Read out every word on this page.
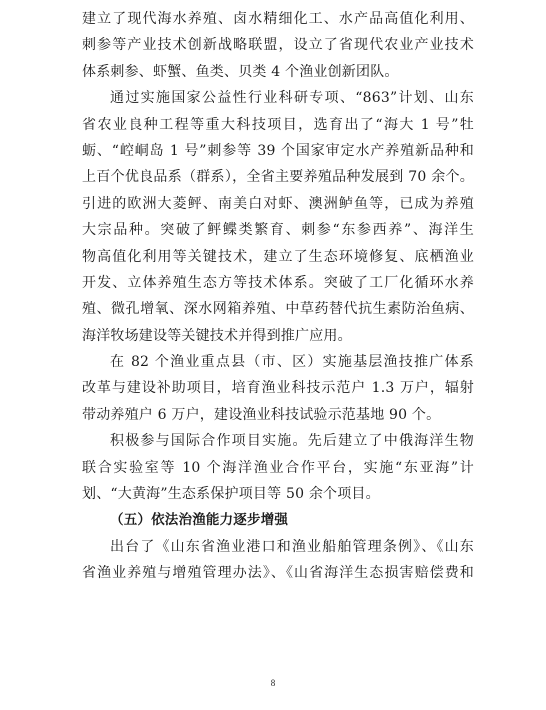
建立了现代海水养殖、卤水精细化工、水产品高值化利用、
刺参等产业技术创新战略联盟，设立了省现代农业产业技术
体系刺参、虾蟹、鱼类、贝类 4 个渔业创新团队。
通过实施国家公益性行业科研专项、“863”计划、山东
省农业良种工程等重大科技项目，选育出了“海大 1 号”牡
蛎、“崆峒岛 1 号”刺参等 39 个国家审定水产养殖新品种和
上百个优良品系（群系），全省主要养殖品种发展到 70 余个。
引进的欧洲大菱鲆、南美白对虾、澳洲鲈鱼等，已成为养殖
大宗品种。突破了鲆鲽类繁育、刺参“东参西养”、海洋生
物高值化利用等关键技术，建立了生态环境修复、底栖渔业
开发、立体养殖生态方等技术体系。突破了工厂化循环水养
殖、微孔增氧、深水网箱养殖、中草药替代抗生素防治鱼病、
海洋牧场建设等关键技术并得到推广应用。
在 82 个渔业重点县（市、区）实施基层渔技推广体系
改革与建设补助项目，培育渔业科技示范户 1.3 万户，辐射
带动养殖户 6 万户，建设渔业科技试验示范基地 90 个。
积极参与国际合作项目实施。先后建立了中俄海洋生物
联合实验室等 10 个海洋渔业合作平台，实施“东亚海”计
划、“大黄海”生态系保护项目等 50 余个项目。
（五）依法治渔能力逐步增强
出台了《山东省渔业港口和渔业船舶管理条例》、《山东
省渔业养殖与增殖管理办法》、《山省海洋生态损害赔偿费和
8
